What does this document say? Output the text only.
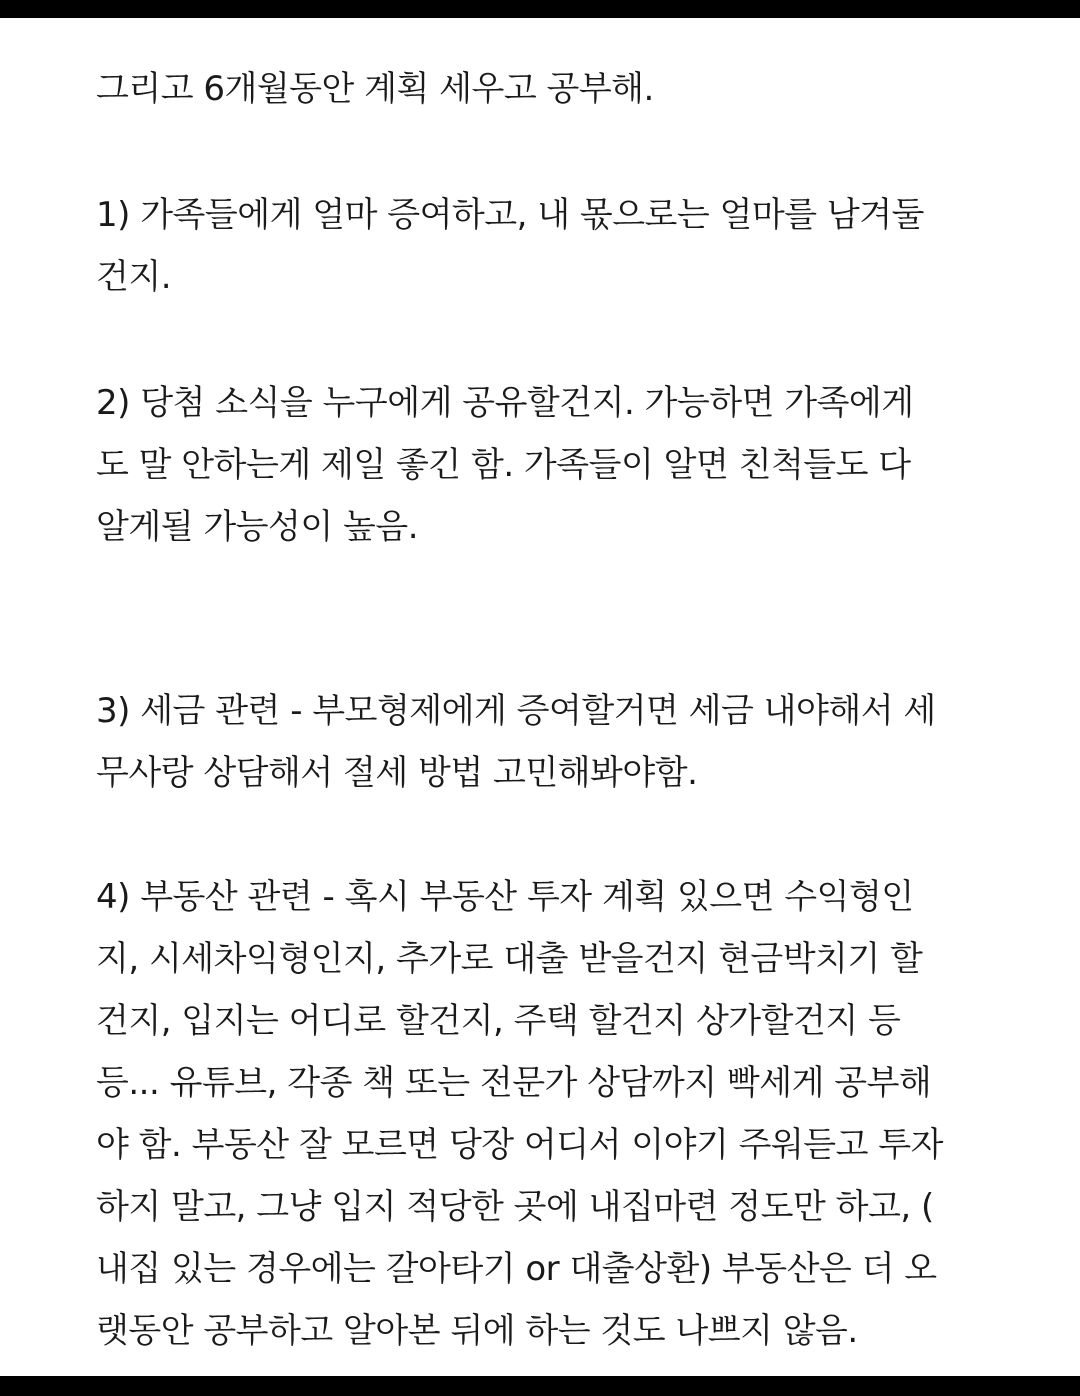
그리고 6개월동안 계획 세우고 공부해.
1) 가족들에게 얼마 증여하고, 내 몫으로는 얼마를 남겨둘
건지.
2) 당첨 소식을 누구에게 공유할건지. 가능하면 가족에게
도 말 안하는게 제일 좋긴 함. 가족들이 알면 친척들도 다
알게될 가능성이 높음.
3) 세금 관련 - 부모형제에게 증여할거면 세금 내야해서 세
무사랑 상담해서 절세 방법 고민해봐야함.
4) 부동산 관련 - 혹시 부동산 투자 계획 있으면 수익형인
지, 시세차익형인지, 추가로 대출 받을건지 현금박치기 할
건지, 입지는 어디로 할건지, 주택 할건지 상가할건지 등
등... 유튜브, 각종 책 또는 전문가 상담까지 빡세게 공부해
야 함. 부동산 잘 모르면 당장 어디서 이야기 주워듣고 투자
하지 말고, 그냥 입지 적당한 곳에 내집마련 정도만 하고, (
내집 있는 경우에는 갈아타기 or 대출상환) 부동산은 더 오
랫동안 공부하고 알아본 뒤에 하는 것도 나쁘지 않음.
